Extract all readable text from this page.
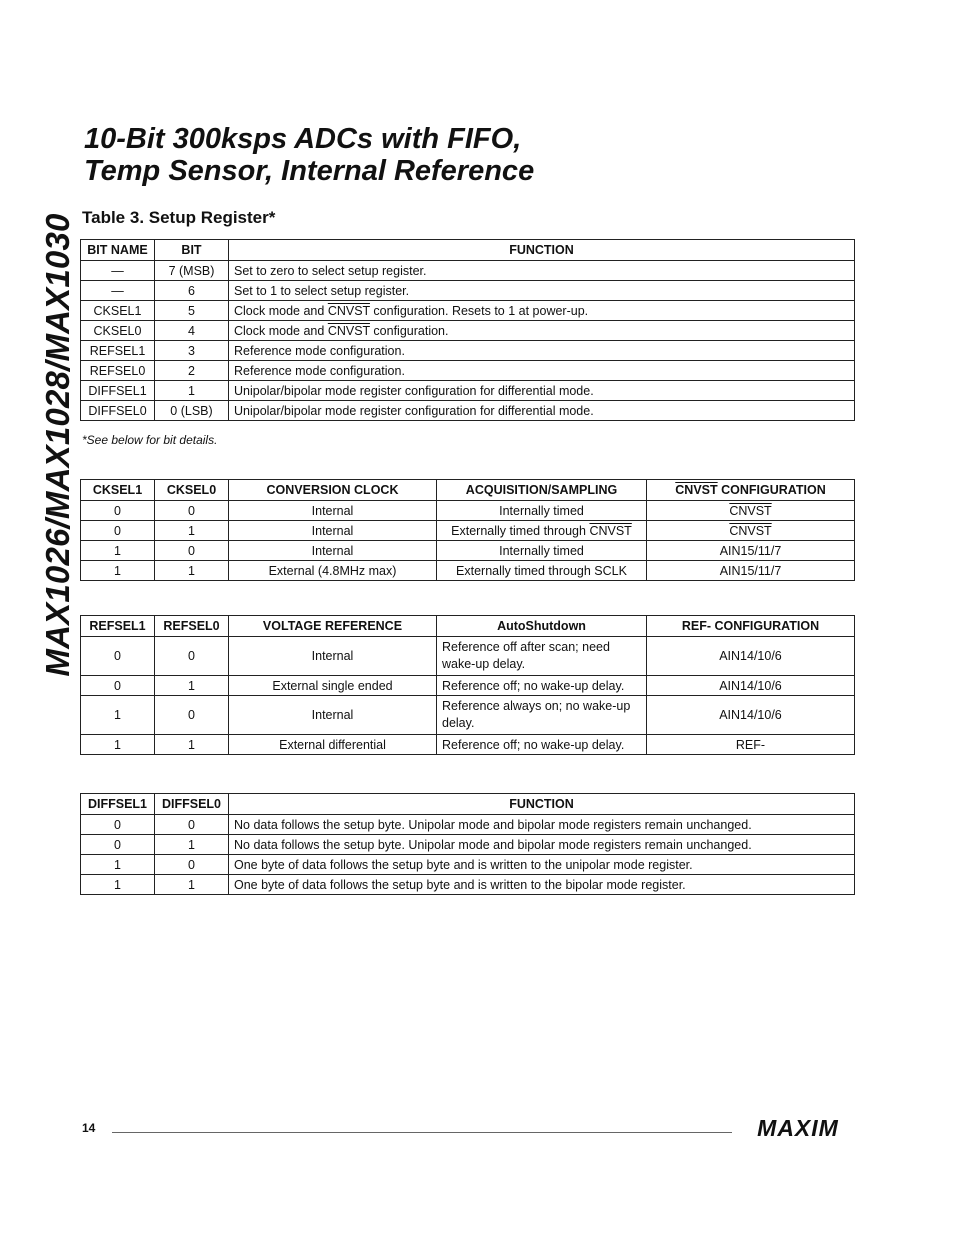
MAX1026/MAX1028/MAX1030
10-Bit 300ksps ADCs with FIFO,
Temp Sensor, Internal Reference
Table 3. Setup Register*
BIT NAME	BIT	FUNCTION
—	7 (MSB)	Set to zero to select setup register.
—	6	Set to 1 to select setup register.
CKSEL1	5	Clock mode and CNVST configuration. Resets to 1 at power-up.
CKSEL0	4	Clock mode and CNVST configuration.
REFSEL1	3	Reference mode configuration.
REFSEL0	2	Reference mode configuration.
DIFFSEL1	1	Unipolar/bipolar mode register configuration for differential mode.
DIFFSEL0	0 (LSB)	Unipolar/bipolar mode register configuration for differential mode.

*See below for bit details.

CKSEL1	CKSEL0	CONVERSION CLOCK	ACQUISITION/SAMPLING	CNVST CONFIGURATION
0	0	Internal	Internally timed	CNVST
0	1	Internal	Externally timed through CNVST	CNVST
1	0	Internal	Internally timed	AIN15/11/7
1	1	External (4.8MHz max)	Externally timed through SCLK	AIN15/11/7
REFSEL1	REFSEL0	VOLTAGE REFERENCE	AutoShutdown	REF- CONFIGURATION
0	0	Internal	Reference off after scan; need wake-up delay.	AIN14/10/6
0	1	External single ended	Reference off; no wake-up delay.	AIN14/10/6
1	0	Internal	Reference always on; no wake-up delay.	AIN14/10/6
1	1	External differential	Reference off; no wake-up delay.	REF-
DIFFSEL1	DIFFSEL0	FUNCTION
0	0	No data follows the setup byte. Unipolar mode and bipolar mode registers remain unchanged.
0	1	No data follows the setup byte. Unipolar mode and bipolar mode registers remain unchanged.
1	0	One byte of data follows the setup byte and is written to the unipolar mode register.
1	1	One byte of data follows the setup byte and is written to the bipolar mode register.
14	MAXIM
